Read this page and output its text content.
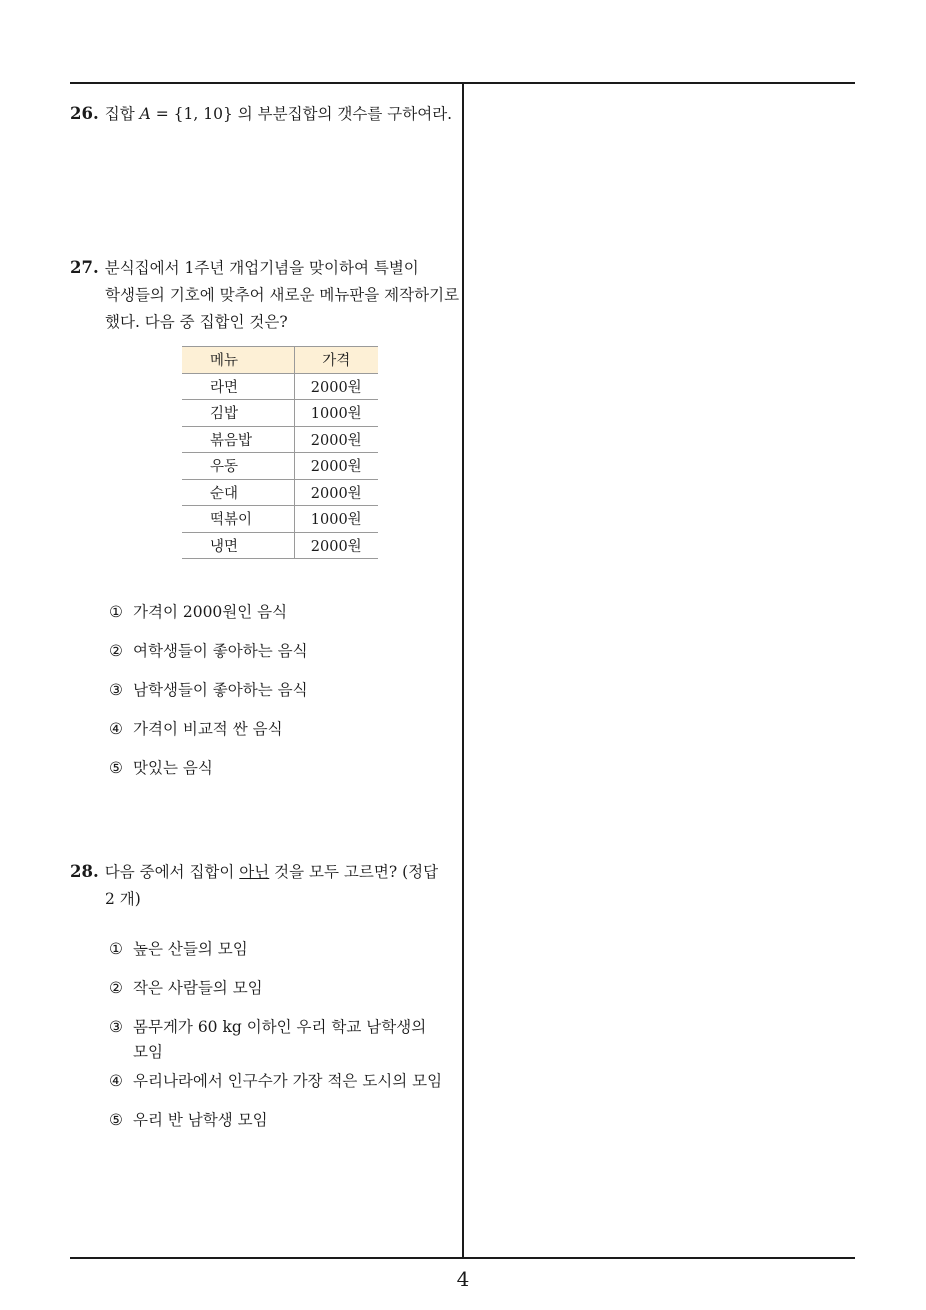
26. 집합 A = {1, 10} 의 부분집합의 갯수를 구하여라.
27. 분식집에서 1주년 개업기념을 맞이하여 특별이
학생들의 기호에 맞추어 새로운 메뉴판을 제작하기로
했다. 다음 중 집합인 것은?
메뉴	가격
라면	2000원
김밥	1000원
볶음밥	2000원
우동	2000원
순대	2000원
떡볶이	1000원
냉면	2000원
① 가격이 2000원인 음식
② 여학생들이 좋아하는 음식
③ 남학생들이 좋아하는 음식
④ 가격이 비교적 싼 음식
⑤ 맛있는 음식
28. 다음 중에서 집합이 아닌 것을 모두 고르면? (정답
2 개)
① 높은 산들의 모임
② 작은 사람들의 모임
③ 몸무게가 60 kg 이하인 우리 학교 남학생의
모임
④ 우리나라에서 인구수가 가장 적은 도시의 모임
⑤ 우리 반 남학생 모임
4
